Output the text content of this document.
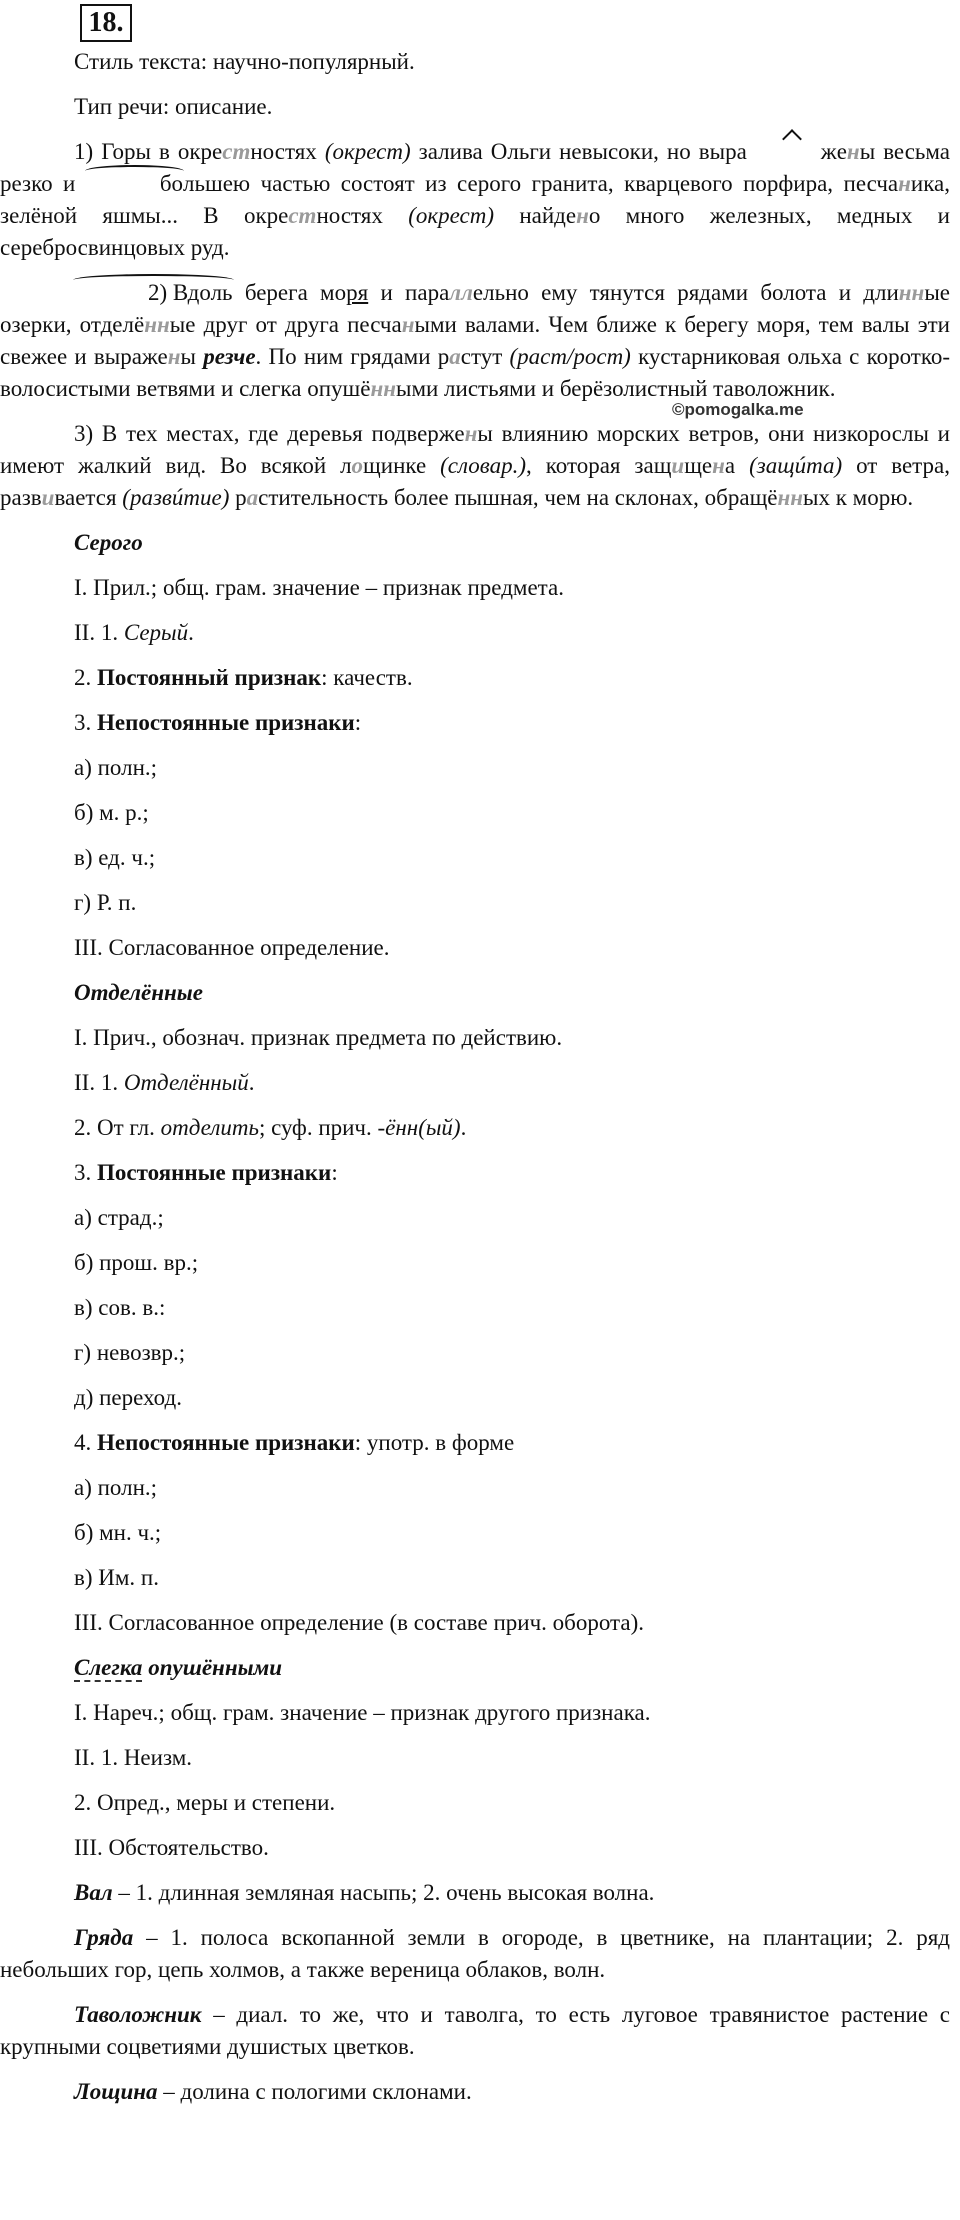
18.

Стиль текста: научно-популярный.

Тип речи: описание.

1) Горы в окрестностях (окрест) залива Ольги невысоки, но выра	жены весьма резко и	большею частью состоят из серого гранита, кварцевого порфира, песчаника, зелёной яшмы... В окрестностях (окрест) найдено много железных, медных и серебросвинцовых руд.

2) Вдоль берега моря и параллельно ему тянутся рядами болота и длинные озерки, отделённые друг от друга песчаными валами. Чем ближе к берегу моря, тем валы эти свежее и выражены резче. По ним грядами растут (раст/рост) кустарниковая ольха с коротко-волосистыми ветвями и слегка опушёнными листьями и берёзолистный таволожник.

3) В тех местах, где деревья подвержены влиянию морских ветров, они низкорослы и имеют жалкий вид. Во всякой лощинке (словар.), которая защищена (защúта) от ветра, развивается (развúтие) растительность более пышная, чем на склонах, обращённых к морю.

Серого

I. Прил.; общ. грам. значение – признак предмета.

II. 1. Серый.

2. Постоянный признак: качеств.

3. Непостоянные признаки:

а) полн.;

б) м. р.;

в) ед. ч.;

г) Р. п.

III. Согласованное определение.

Отделённые

I. Прич., обознач. признак предмета по действию.

II. 1. Отделённый.

2. От гл. отделить; суф. прич. -ённ(ый).

3. Постоянные признаки:

а) страд.;

б) прош. вр.;

в) сов. в.:

г) невозвр.;

д) переход.

4. Непостоянные признаки: употр. в форме

а) полн.;

б) мн. ч.;

в) Им. п.

III. Согласованное определение (в составе прич. оборота).

Слегка опушёнными

I. Нареч.; общ. грам. значение – признак другого признака.

II. 1. Неизм.

2. Опред., меры и степени.

III. Обстоятельство.

Вал – 1. длинная земляная насыпь; 2. очень высокая волна.

Гряда – 1. полоса вскопанной земли в огороде, в цветнике, на плантации; 2. ряд небольших гор, цепь холмов, а также вереница облаков, волн.

Таволожник – диал. то же, что и таволга, то есть луговое травянистое растение с крупными соцветиями душистых цветков.

Лощина – долина с пологими склонами.

©pomogalka.me
